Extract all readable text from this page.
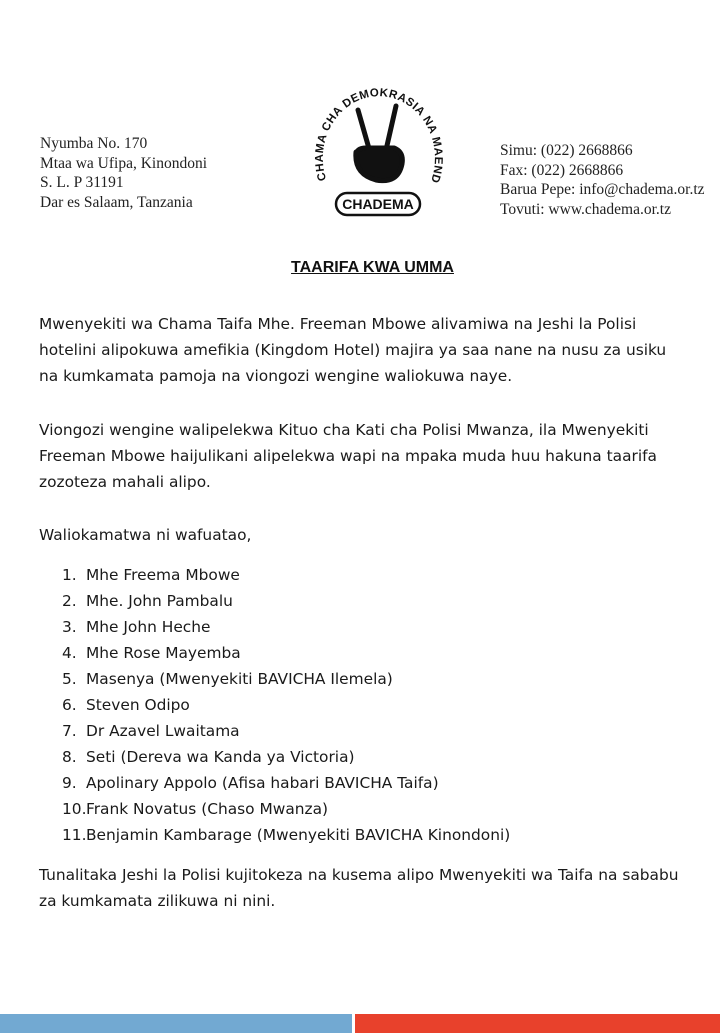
Nyumba No. 170
Mtaa wa Ufipa, Kinondoni
S. L. P 31191
Dar es Salaam, Tanzania
CHAMA CHA DEMOKRASIA NA MAEND
CHADEMA
Simu: (022) 2668866
Fax: (022) 2668866
Barua Pepe: info@chadema.or.tz
Tovuti: www.chadema.or.tz
TAARIFA KWA UMMA
Mwenyekiti wa Chama Taifa Mhe. Freeman Mbowe alivamiwa na Jeshi la Polisi hotelini alipokuwa amefikia (Kingdom Hotel) majira ya saa nane na nusu za usiku na kumkamata pamoja na viongozi wengine waliokuwa naye.
Viongozi wengine walipelekwa Kituo cha Kati cha Polisi Mwanza, ila Mwenyekiti Freeman Mbowe haijulikani alipelekwa wapi na mpaka muda huu hakuna taarifa zozoteza mahali alipo.
Waliokamatwa ni wafuatao,
1. Mhe Freema Mbowe
2. Mhe. John Pambalu
3. Mhe John Heche
4. Mhe Rose Mayemba
5. Masenya (Mwenyekiti BAVICHA Ilemela)
6. Steven Odipo
7. Dr Azavel Lwaitama
8. Seti (Dereva wa Kanda ya Victoria)
9. Apolinary Appolo (Afisa habari BAVICHA Taifa)
10. Frank Novatus (Chaso Mwanza)
11. Benjamin Kambarage (Mwenyekiti BAVICHA Kinondoni)
Tunalitaka Jeshi la Polisi kujitokeza na kusema alipo Mwenyekiti wa Taifa na sababu za kumkamata zilikuwa ni nini.
